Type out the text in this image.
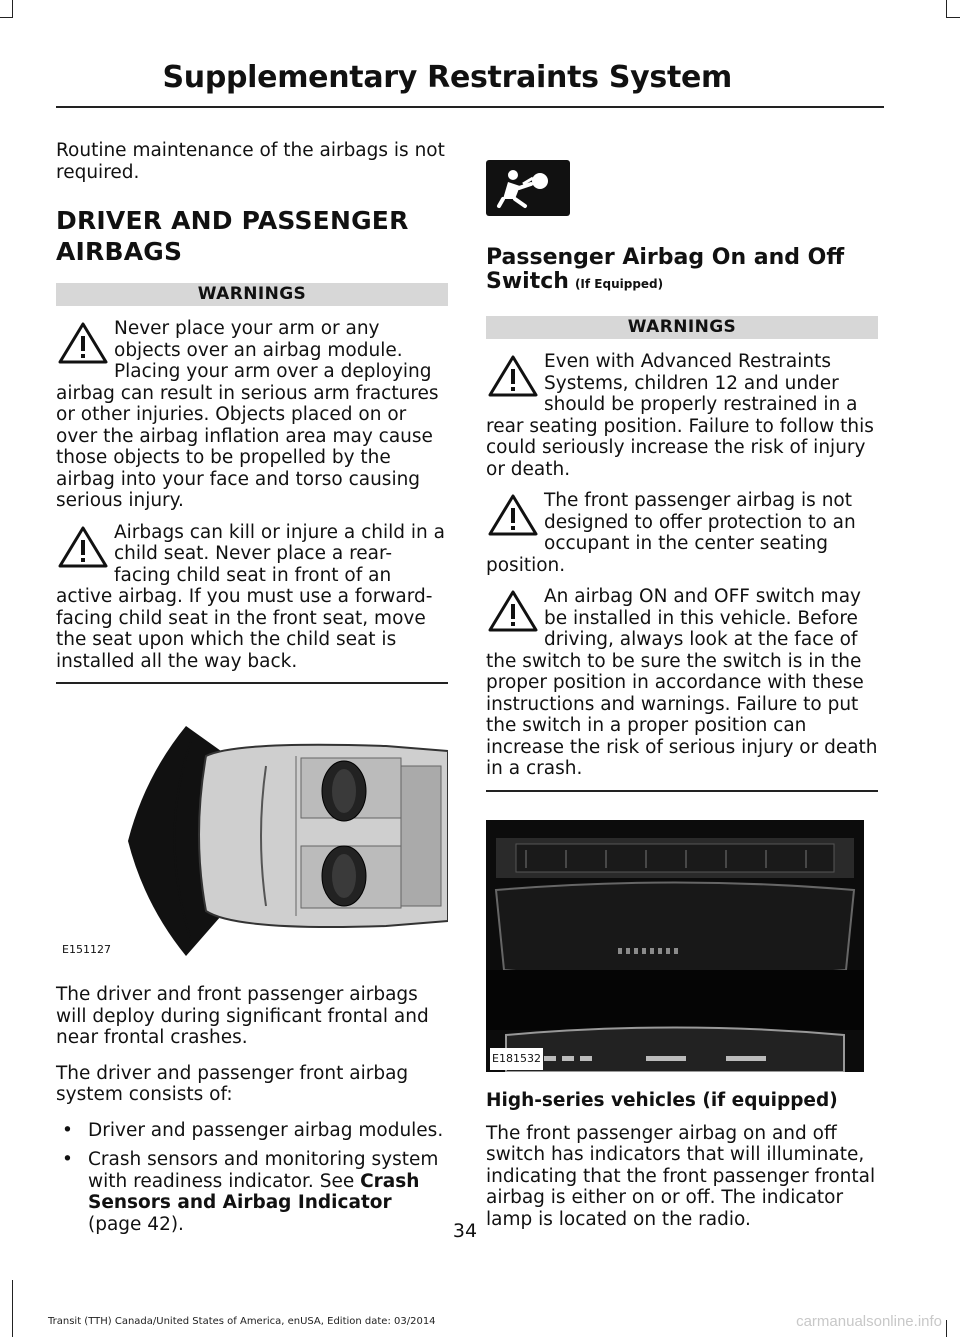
Supplementary Restraints System

Routine maintenance of the airbags is not required.

DRIVER AND PASSENGER
AIRBAGS
WARNINGS
Never place your arm or any objects over an airbag module. Placing your arm over a deploying airbag can result in serious arm fractures or other injuries. Objects placed on or over the airbag inflation area may cause those objects to be propelled by the airbag into your face and torso causing serious injury.
Airbags can kill or injure a child in a child seat. Never place a rear-facing child seat in front of an active airbag. If you must use a forward-facing child seat in the front seat, move the seat upon which the child seat is installed all the way back.
E151127

The driver and front passenger airbags will deploy during significant frontal and near frontal crashes.

The driver and passenger front airbag system consists of:

• Driver and passenger airbag modules.
• Crash sensors and monitoring system with readiness indicator. See Crash Sensors and Airbag Indicator (page 42).
Passenger Airbag On and Off Switch (If Equipped)
WARNINGS
Even with Advanced Restraints Systems, children 12 and under should be properly restrained in a rear seating position. Failure to follow this could seriously increase the risk of injury or death.
The front passenger airbag is not designed to offer protection to an occupant in the center seating position.
An airbag ON and OFF switch may be installed in this vehicle. Before driving, always look at the face of the switch to be sure the switch is in the proper position in accordance with these instructions and warnings. Failure to put the switch in a proper position can increase the risk of serious injury or death in a crash.
E181532
High-series vehicles (if equipped)

The front passenger airbag on and off switch has indicators that will illuminate, indicating that the front passenger frontal airbag is either on or off. The indicator lamp is located on the radio.

34
Transit (TTH) Canada/United States of America, enUSA, Edition date: 03/2014	carmanualsonline.info
